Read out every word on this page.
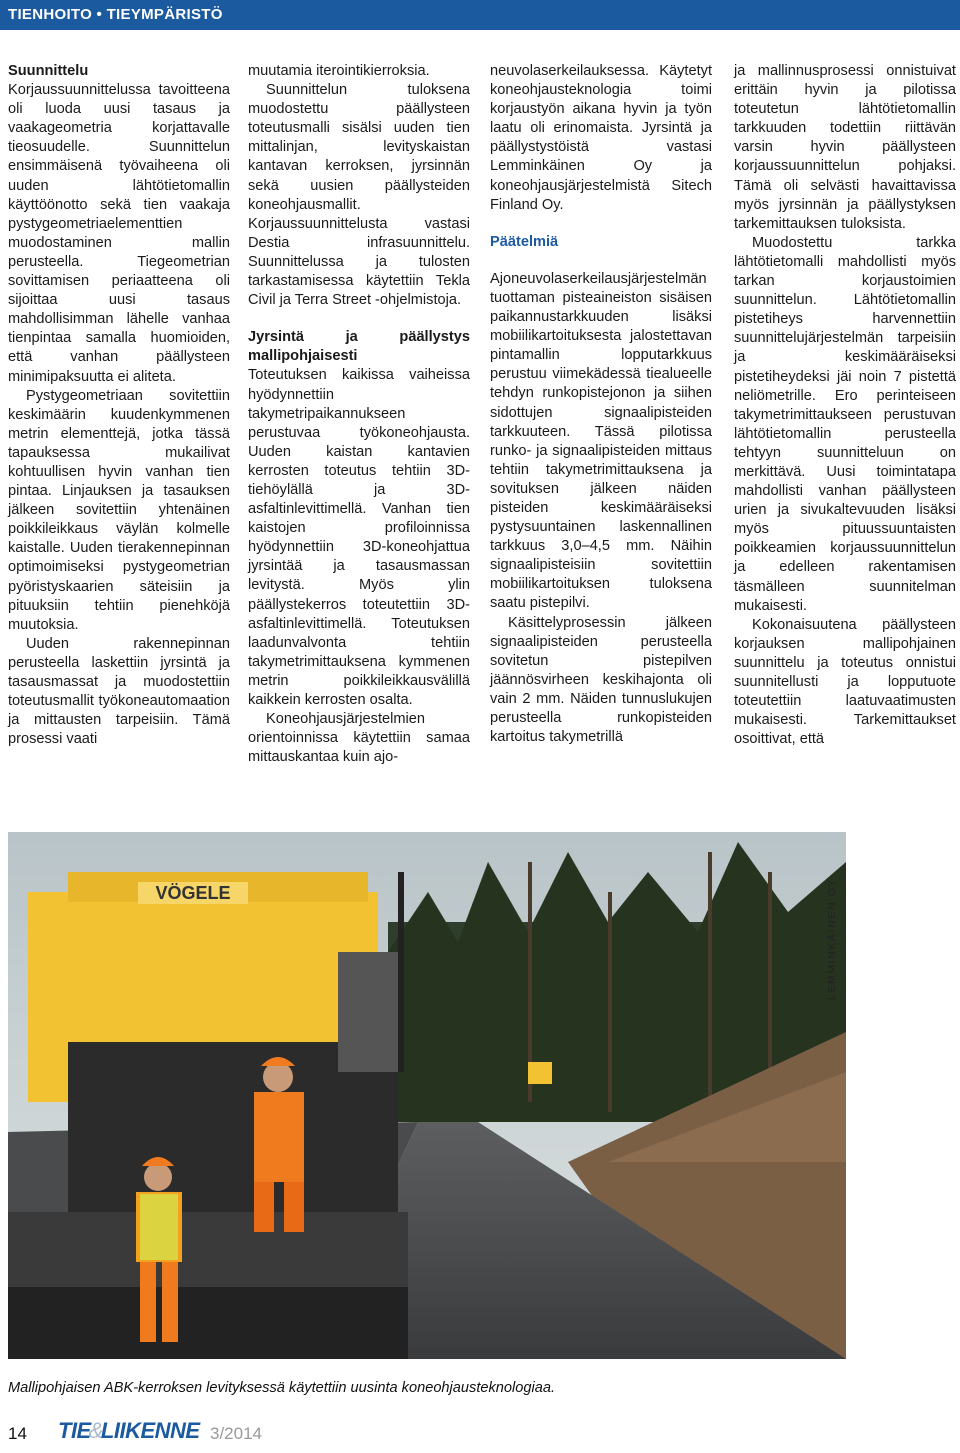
TIENHOITO • TIEYMPÄRISTÖ
Suunnittelu

Korjaussuunnittelussa tavoitteena oli luoda uusi tasaus ja vaakageometria korjattavalle tieosuudelle. Suunnittelun ensimmäisenä työvaiheena oli uuden lähtötietomallin käyttöönotto sekä tien vaakaja pystygeometriaelementtien muodostaminen mallin perusteella. Tiegeometrian sovittamisen periaatteena oli sijoittaa uusi tasaus mahdollisimman lähelle vanhaa tienpintaa samalla huomioiden, että vanhan päällysteen minimipaksuutta ei aliteta.

Pystygeometriaan sovitettiin keskimäärin kuudenkymmenen metrin elementtejä, jotka tässä tapauksessa mukailivat kohtuullisen hyvin vanhan tien pintaa. Linjauksen ja tasauksen jälkeen sovitettiin yhtenäinen poikkileikkaus väylän kolmelle kaistalle. Uuden tierakennepinnan optimoimiseksi pystygeometrian pyöristyskaarien säteisiin ja pituuksiin tehtiin pienehköjä muutoksia.

Uuden rakennepinnan perusteella laskettiin jyrsintä ja tasausmassat ja muodostettiin toteutusmallit työkoneautomaation ja mittausten tarpeisiin. Tämä prosessi vaati

muutamia iterointikierroksia.

Suunnittelun tuloksena muodostettu päällysteen toteutusmalli sisälsi uuden tien mittalinjan, levityskaistan kantavan kerroksen, jyrsinnän sekä uusien päällysteiden koneohjausmallit. Korjaussuunnittelusta vastasi Destia infrasuunnittelu. Suunnittelussa ja tulosten tarkastamisessa käytettiin Tekla Civil ja Terra Street -ohjelmistoja.

Jyrsintä ja päällystys mallipohjaisesti

Toteutuksen kaikissa vaiheissa hyödynnettiin takymetripaikannukseen perustuvaa työkoneohjausta. Uuden kaistan kantavien kerrosten toteutus tehtiin 3D-tiehöylällä ja 3D-asfaltinlevittimellä. Vanhan tien kaistojen profiloinnissa hyödynnettiin 3D-koneohjattua jyrsintää ja tasausmassan levitystä. Myös ylin päällystekerros toteutettiin 3D-asfaltinlevittimellä. Toteutuksen laadunvalvonta tehtiin takymetrimittauksena kymmenen metrin poikkileikkausvälillä kaikkein kerrosten osalta.

Koneohjausjärjestelmien orientoinnissa käytettiin samaa mittauskantaa kuin ajo-

neuvolaserkeilauksessa. Käytetyt koneohjausteknologia toimi korjaustyön aikana hyvin ja työn laatu oli erinomaista. Jyrsintä ja päällystystöistä vastasi Lemminkäinen Oy ja koneohjausjärjestelmistä Sitech Finland Oy.

Päätelmiä

Ajoneuvolaserkeilausjärjestelmän tuottaman pisteaineiston sisäisen paikannustarkkuuden lisäksi mobiilikartoituksesta jalostettavan pintamallin lopputarkkuus perustuu viimekädessä tiealueelle tehdyn runkopistejonon ja siihen sidottujen signaalipisteiden tarkkuuteen. Tässä pilotissa runko- ja signaalipisteiden mittaus tehtiin takymetrimittauksena ja sovituksen jälkeen näiden pisteiden keskimääräiseksi pystysuuntainen laskennallinen tarkkuus 3,0–4,5 mm. Näihin signaalipisteisiin sovitettiin mobiilikartoituksen tuloksena saatu pistepilvi.

Käsittelyprosessin jälkeen signaalipisteiden perusteella sovitetun pistepilven jäännösvirheen keskihajonta oli vain 2 mm. Näiden tunnuslukujen perusteella runkopisteiden kartoitus takymetrillä

ja mallinnusprosessi onnistuivat erittäin hyvin ja pilotissa toteutetun lähtötietomallin tarkkuuden todettiin riittävän varsin hyvin päällysteen korjaussuunnittelun pohjaksi. Tämä oli selvästi havaittavissa myös jyrsinnän ja päällystyksen tarkemittauksen tuloksista.

Muodostettu tarkka lähtötietomalli mahdollisti myös tarkan korjaustoimien suunnittelun. Lähtötietomallin pistetiheys harvennettiin suunnittelujärjestelmän tarpeisiin ja keskimääräiseksi pistetiheydeksi jäi noin 7 pistettä neliömetrille. Ero perinteiseen takymetrimittaukseen perustuvan lähtötietomallin perusteella tehtyyn suunnitteluun on merkittävä. Uusi toimintatapa mahdollisti vanhan päällysteen urien ja sivukaltevuuden lisäksi myös pituussuuntaisten poikkeamien korjaussuunnittelun ja edelleen rakentamisen täsmälleen suunnitelman mukaisesti.

Kokonaisuutena päällysteen korjauksen mallipohjainen suunnittelu ja toteutus onnistui suunnitellusti ja lopputuote toteutettiin laatuvaatimusten mukaisesti. Tarkemittaukset osoittivat, että

VÖGELE	LEMMINKÄINEN OY
Mallipohjaisen ABK-kerroksen levityksessä käytettiin uusinta koneohjausteknologiaa.
14 TIE&LIIKENNE 3/2014
